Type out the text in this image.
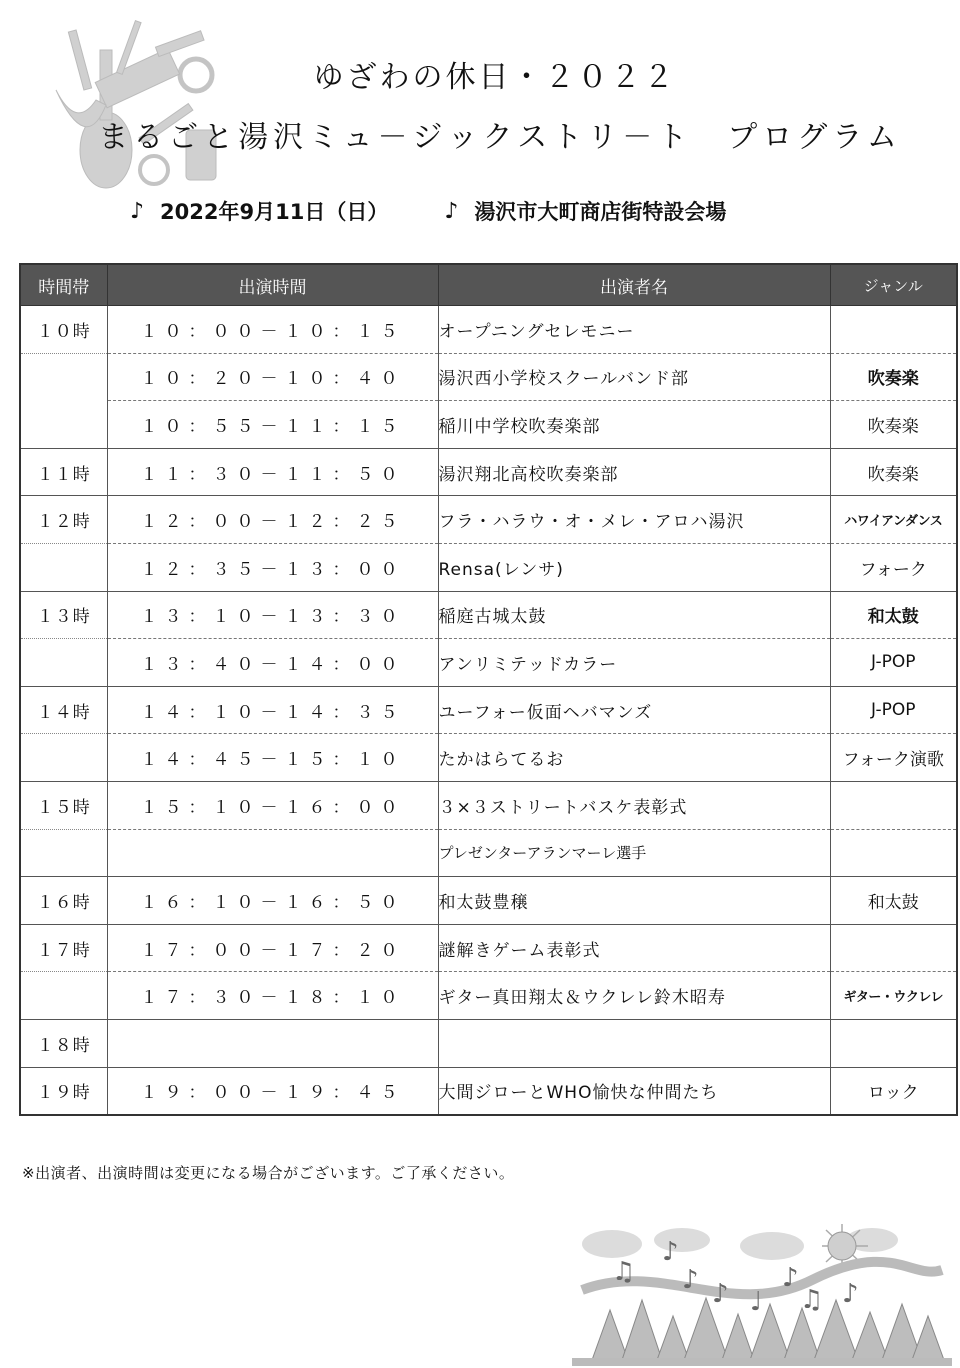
ゆざわの休日・２０２２
まるごと湯沢ミュ－ジックストリ－ト　プログラム
♪ 2022年9月11日（日）	♪ 湯沢市大町商店街特設会場
時間帯	出演時間	出演者名	ジャンル
１０時	１０：００－１０：１５	オープニングセレモニー	
	１０：２０－１０：４０	湯沢西小学校スクールバンド部	吹奏楽
	１０：５５－１１：１５	稲川中学校吹奏楽部	吹奏楽
１１時	１１：３０－１１：５０	湯沢翔北高校吹奏楽部	吹奏楽
１２時	１２：００－１２：２５	フラ・ハラウ・オ・メレ・アロハ湯沢	ハワイアンダンス
	１２：３５－１３：００	Rensa(レンサ)	フォーク
１３時	１３：１０－１３：３０	稲庭古城太鼓	和太鼓
	１３：４０－１４：００	アンリミテッドカラー	J-POP
１４時	１４：１０－１４：３５	ユーフォー仮面ヘバマンズ	J-POP
	１４：４５－１５：１０	たかはらてるお	フォーク演歌
１５時	１５：１０－１６：００	３×３ストリートバスケ表彰式	
		プレゼンターアランマーレ選手	
１６時	１６：１０－１６：５０	和太鼓豊穣	和太鼓
１７時	１７：００－１７：２０	謎解きゲーム表彰式	
	１７：３０－１８：１０	ギター真田翔太＆ウクレレ鈴木昭寿	ギター・ウクレレ
１８時			
１９時	１９：００－１９：４５	大間ジローとWHO愉快な仲間たち	ロック
※出演者、出演時間は変更になる場合がございます。ご了承ください。
♫
♪
♪ ♪ ♩
♪
♫ ♪
